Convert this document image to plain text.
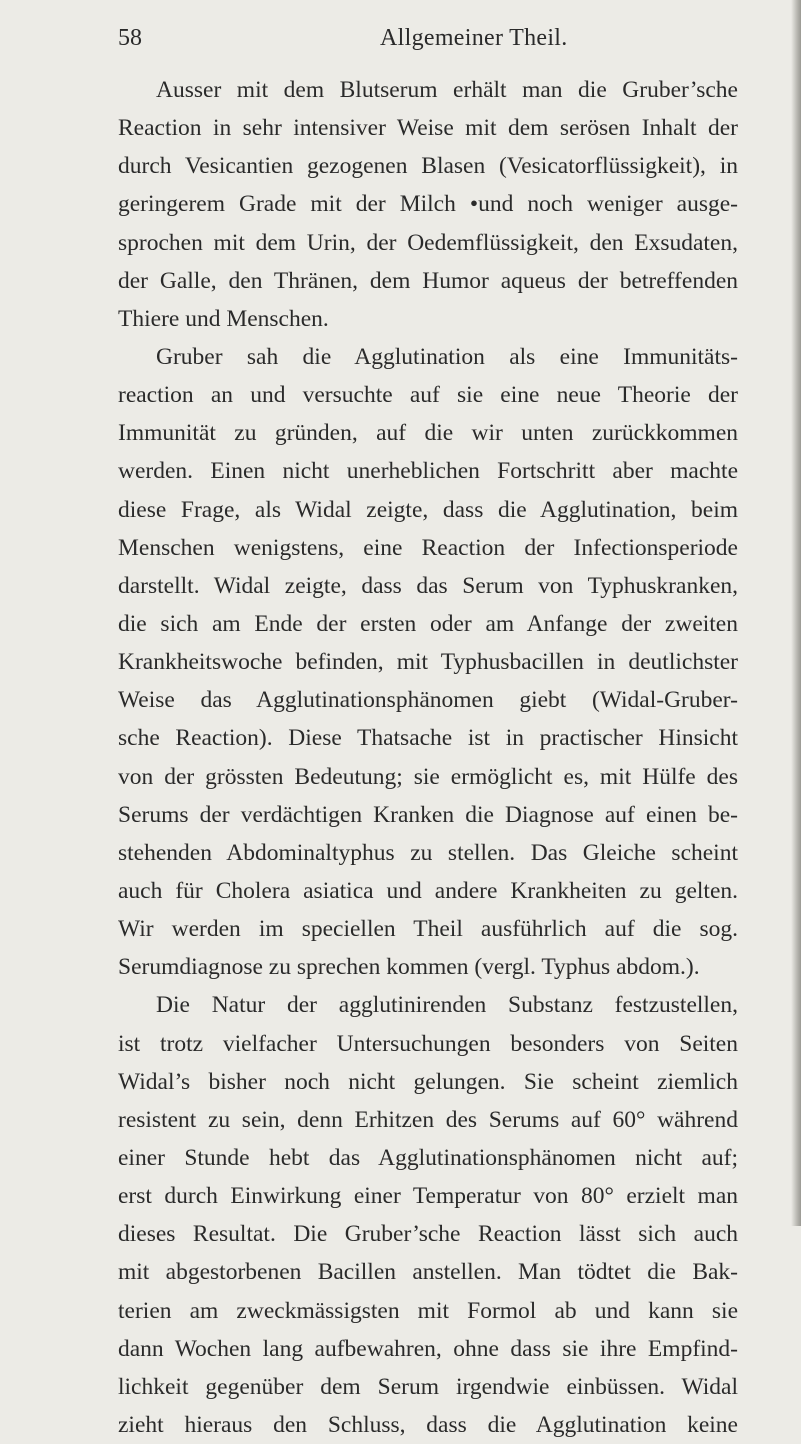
58	Allgemeiner Theil.
Ausser mit dem Blutserum erhält man die Gruber’sche
Reaction in sehr intensiver Weise mit dem serösen Inhalt der
durch Vesicantien gezogenen Blasen (Vesicatorflüssigkeit), in
geringerem Grade mit der Milch •und noch weniger ausge-
sprochen mit dem Urin, der Oedemflüssigkeit, den Exsudaten,
der Galle, den Thränen, dem Humor aqueus der betreffenden
Thiere und Menschen.
Gruber sah die Agglutination als eine Immunitäts-
reaction an und versuchte auf sie eine neue Theorie der
Immunität zu gründen, auf die wir unten zurückkommen
werden. Einen nicht unerheblichen Fortschritt aber machte
diese Frage, als Widal zeigte, dass die Agglutination, beim
Menschen wenigstens, eine Reaction der Infectionsperiode
darstellt. Widal zeigte, dass das Serum von Typhuskranken,
die sich am Ende der ersten oder am Anfange der zweiten
Krankheitswoche befinden, mit Typhusbacillen in deutlichster
Weise das Agglutinationsphänomen giebt (Widal-Gruber-
sche Reaction). Diese Thatsache ist in practischer Hinsicht
von der grössten Bedeutung; sie ermöglicht es, mit Hülfe des
Serums der verdächtigen Kranken die Diagnose auf einen be-
stehenden Abdominaltyphus zu stellen. Das Gleiche scheint
auch für Cholera asiatica und andere Krankheiten zu gelten.
Wir werden im speciellen Theil ausführlich auf die sog.
Serumdiagnose zu sprechen kommen (vergl. Typhus abdom.).
Die Natur der agglutinirenden Substanz festzustellen,
ist trotz vielfacher Untersuchungen besonders von Seiten
Widal’s bisher noch nicht gelungen. Sie scheint ziemlich
resistent zu sein, denn Erhitzen des Serums auf 60° während
einer Stunde hebt das Agglutinationsphänomen nicht auf;
erst durch Einwirkung einer Temperatur von 80° erzielt man
dieses Resultat. Die Gruber’sche Reaction lässt sich auch
mit abgestorbenen Bacillen anstellen. Man tödtet die Bak-
terien am zweckmässigsten mit Formol ab und kann sie
dann Wochen lang aufbewahren, ohne dass sie ihre Empfind-
lichkeit gegenüber dem Serum irgendwie einbüssen. Widal
zieht hieraus den Schluss, dass die Agglutination keine
